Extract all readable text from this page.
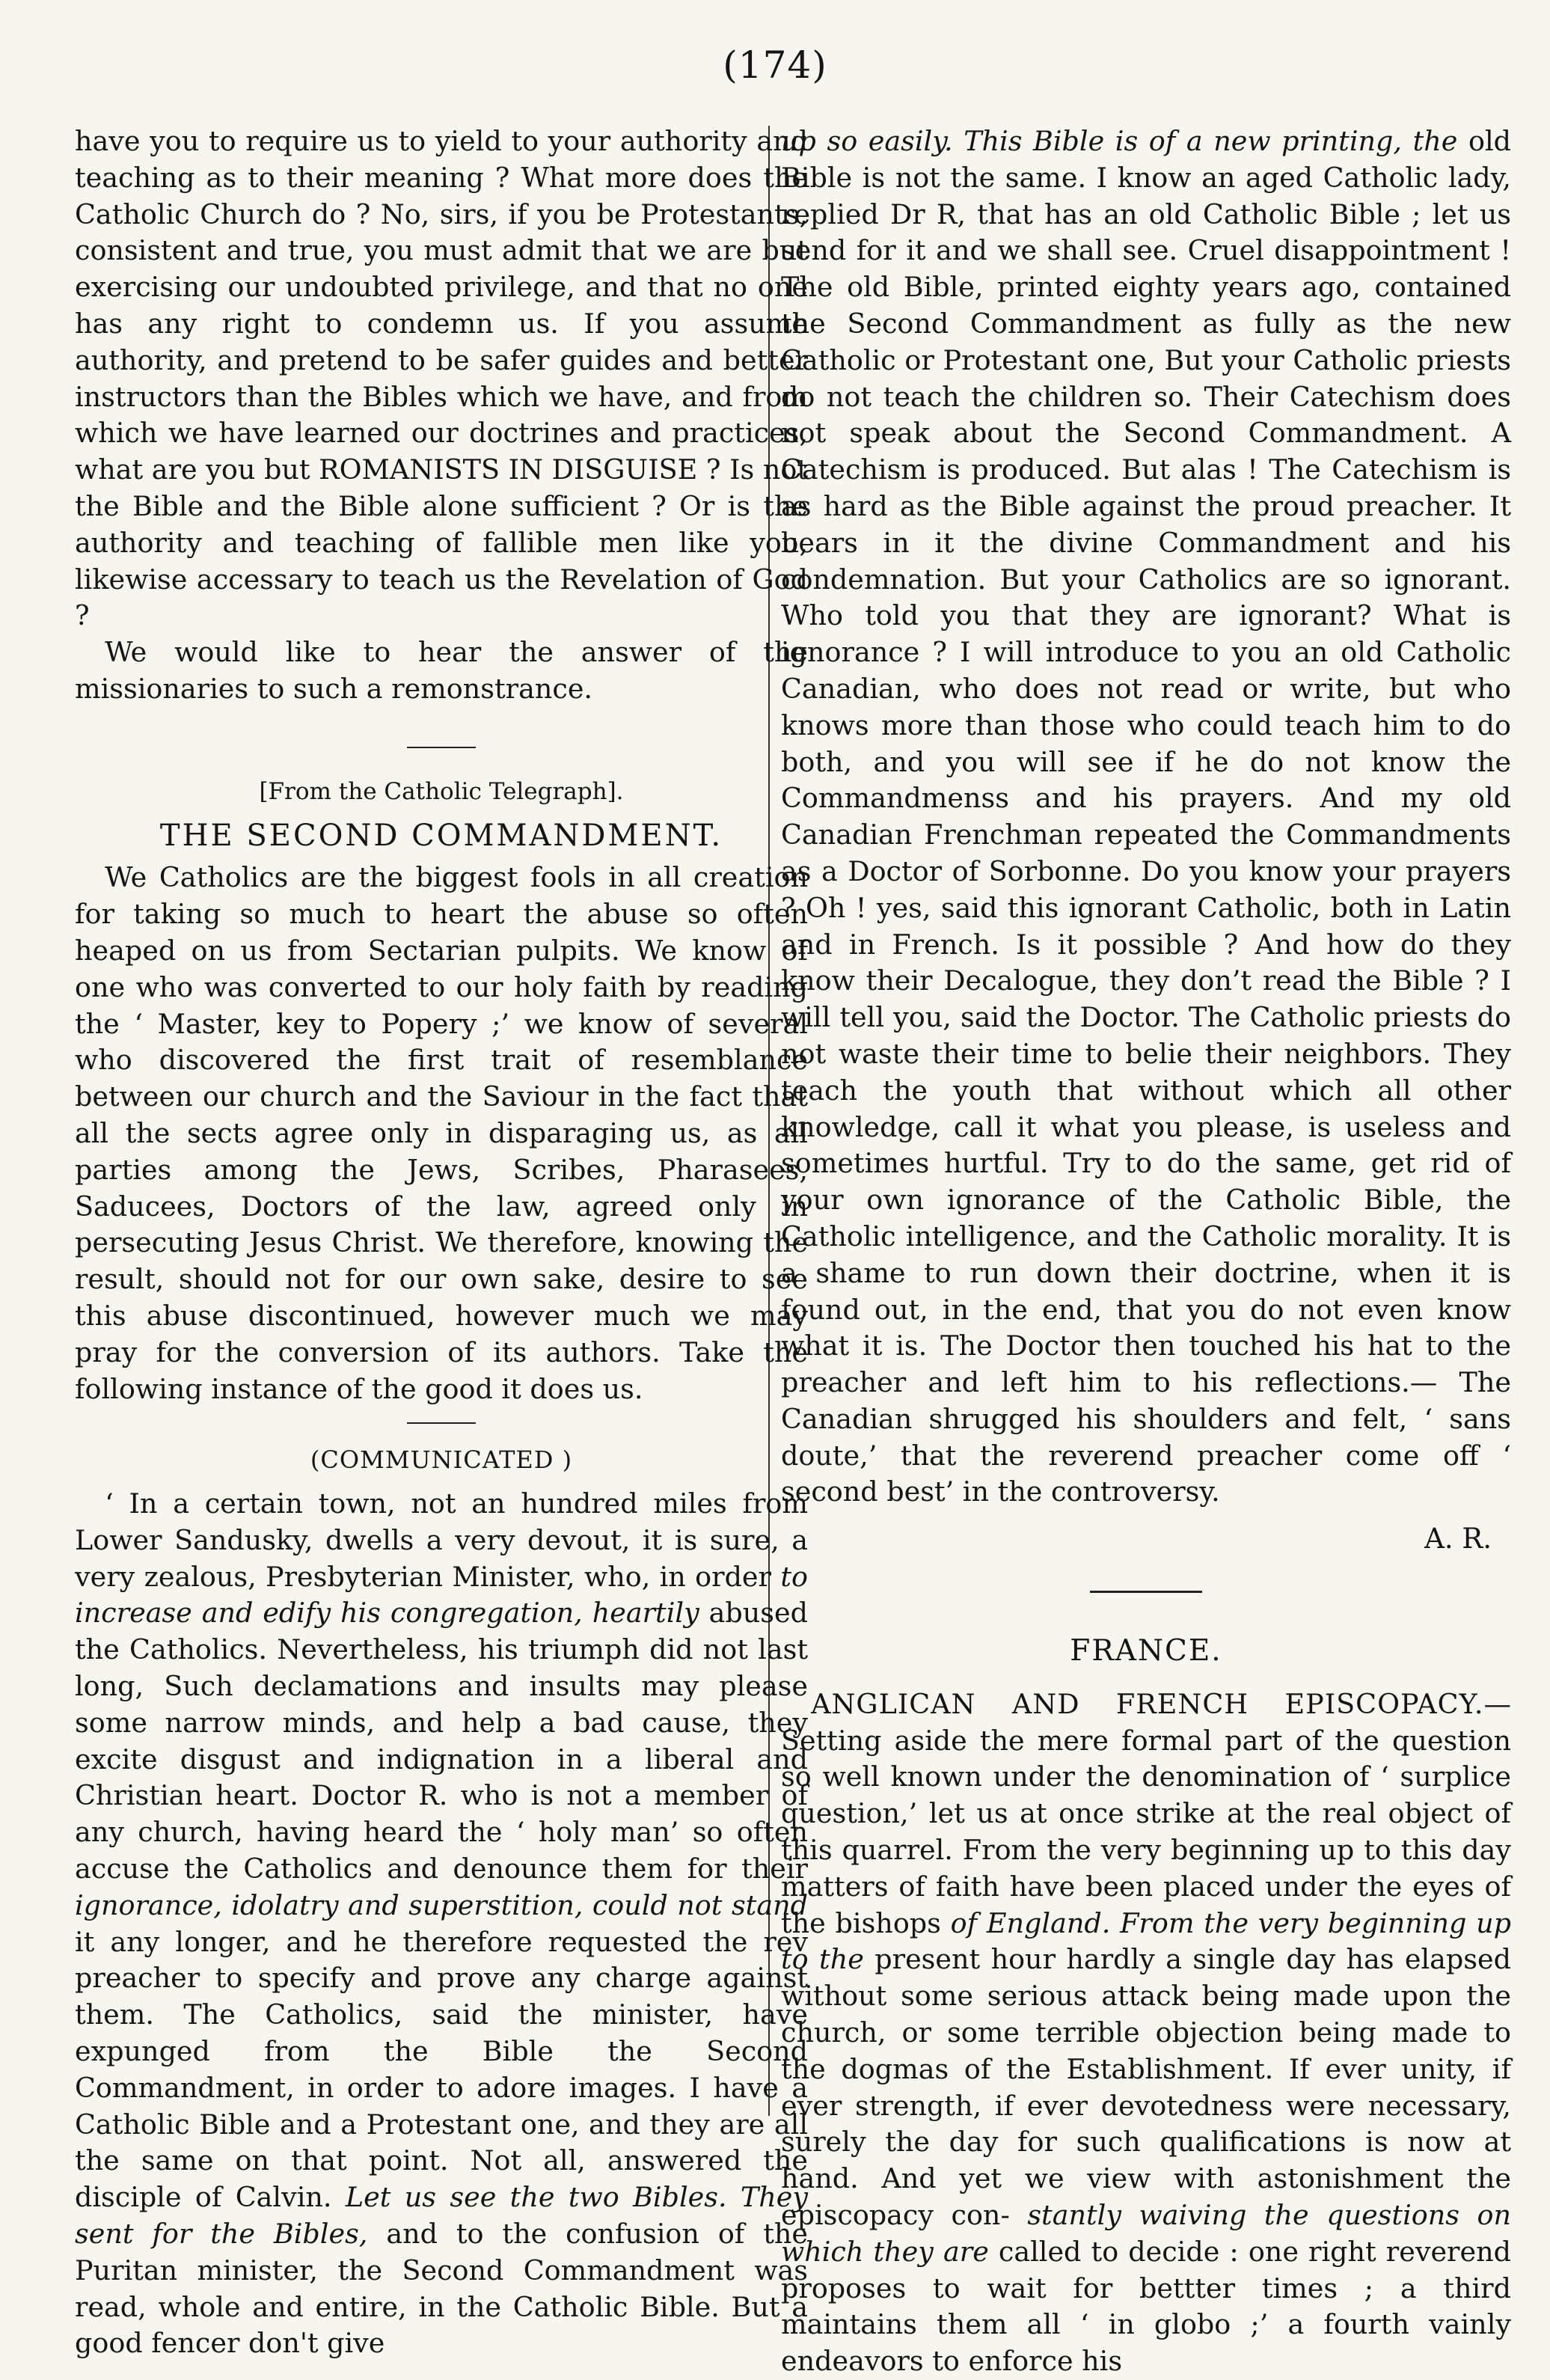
(174)

have you to require us to yield to your authority and teaching as to their meaning ? What more does the Catholic Church do ? No, sirs, if you be Protestants, consistent and true, you must admit that we are but exercising our undoubted privilege, and that no one has any right to condemn us. If you assume authority, and pretend to be safer guides and better instructors than the Bibles which we have, and from which we have learned our doctrines and practices, what are you but ROMANISTS IN DISGUISE ? Is not the Bible and the Bible alone sufficient ? Or is the authority and teaching of fallible men like you, likewise accessary to teach us the Revelation of God ?

We would like to hear the answer of the missionaries to such a remonstrance.

[From the Catholic Telegraph].
THE SECOND COMMANDMENT.

We Catholics are the biggest fools in all creation for taking so much to heart the abuse so often heaped on us from Sectarian pulpits. We know of one who was converted to our holy faith by reading the ‘ Master, key to Popery ;’ we know of several who discovered the first trait of resemblance between our church and the Saviour in the fact that all the sects agree only in disparaging us, as all parties among the Jews, Scribes, Pharasees, Saducees, Doctors of the law, agreed only in persecuting Jesus Christ. We therefore, knowing the result, should not for our own sake, desire to see this abuse discontinued, however much we may pray for the conversion of its authors. Take the following instance of the good it does us.

(COMMUNICATED )

‘ In a certain town, not an hundred miles from Lower Sandusky, dwells a very devout, it is sure, a very zealous, Presbyterian Minister, who, in order to increase and edify his congregation, heartily abused the Catholics. Nevertheless, his triumph did not last long, Such declamations and insults may please some narrow minds, and help a bad cause, they excite disgust and indignation in a liberal and Christian heart. Doctor R. who is not a member of any church, having heard the ‘ holy man’ so often accuse the Catholics and denounce them for their ignorance, idolatry and superstition, could not stand it any longer, and he therefore requested the rev preacher to specify and prove any charge against them. The Catholics, said the minister, have expunged from the Bible the Second Commandment, in order to adore images. I have a Catholic Bible and a Protestant one, and they are all the same on that point. Not all, answered the disciple of Calvin. Let us see the two Bibles. They sent for the Bibles, and to the confusion of the Puritan minister, the Second Commandment was read, whole and entire, in the Catholic Bible. But a good fencer don't give

up so easily. This Bible is of a new printing, the old Bible is not the same. I know an aged Catholic lady, replied Dr R, that has an old Catholic Bible ; let us send for it and we shall see. Cruel disappointment ! The old Bible, printed eighty years ago, contained the Second Commandment as fully as the new Catholic or Protestant one, But your Catholic priests do not teach the children so. Their Catechism does not speak about the Second Commandment. A Catechism is produced. But alas ! The Catechism is as hard as the Bible against the proud preacher. It bears in it the divine Commandment and his condemnation. But your Catholics are so ignorant. Who told you that they are ignorant? What is ignorance ? I will introduce to you an old Catholic Canadian, who does not read or write, but who knows more than those who could teach him to do both, and you will see if he do not know the Commandmenss and his prayers. And my old Canadian Frenchman repeated the Commandments as a Doctor of Sorbonne. Do you know your prayers ? Oh ! yes, said this ignorant Catholic, both in Latin and in French. Is it possible ? And how do they know their Decalogue, they don’t read the Bible ? I will tell you, said the Doctor. The Catholic priests do not waste their time to belie their neighbors. They teach the youth that without which all other knowledge, call it what you please, is useless and sometimes hurtful. Try to do the same, get rid of your own ignorance of the Catholic Bible, the Catholic intelligence, and the Catholic morality. It is a shame to run down their doctrine, when it is found out, in the end, that you do not even know what it is. The Doctor then touched his hat to the preacher and left him to his reflections.— The Canadian shrugged his shoulders and felt, ‘ sans doute,’ that the reverend preacher come off ‘ second best’ in the controversy.

A. R.
FRANCE.

ANGLICAN AND FRENCH EPISCOPACY.—Setting aside the mere formal part of the question so well known under the denomination of ‘ surplice question,’ let us at once strike at the real object of this quarrel. From the very beginning up to this day matters of faith have been placed under the eyes of the bishops of England. From the very beginning up to the present hour hardly a single day has elapsed without some serious attack being made upon the church, or some terrible objection being made to the dogmas of the Establishment. If ever unity, if ever strength, if ever devotedness were necessary, surely the day for such qualifications is now at hand. And yet we view with astonishment the episcopacy con- stantly waiving the questions on which they are called to decide : one right reverend proposes to wait for bettter times ; a third maintains them all ‘ in globo ;’ a fourth vainly endeavors to enforce his
